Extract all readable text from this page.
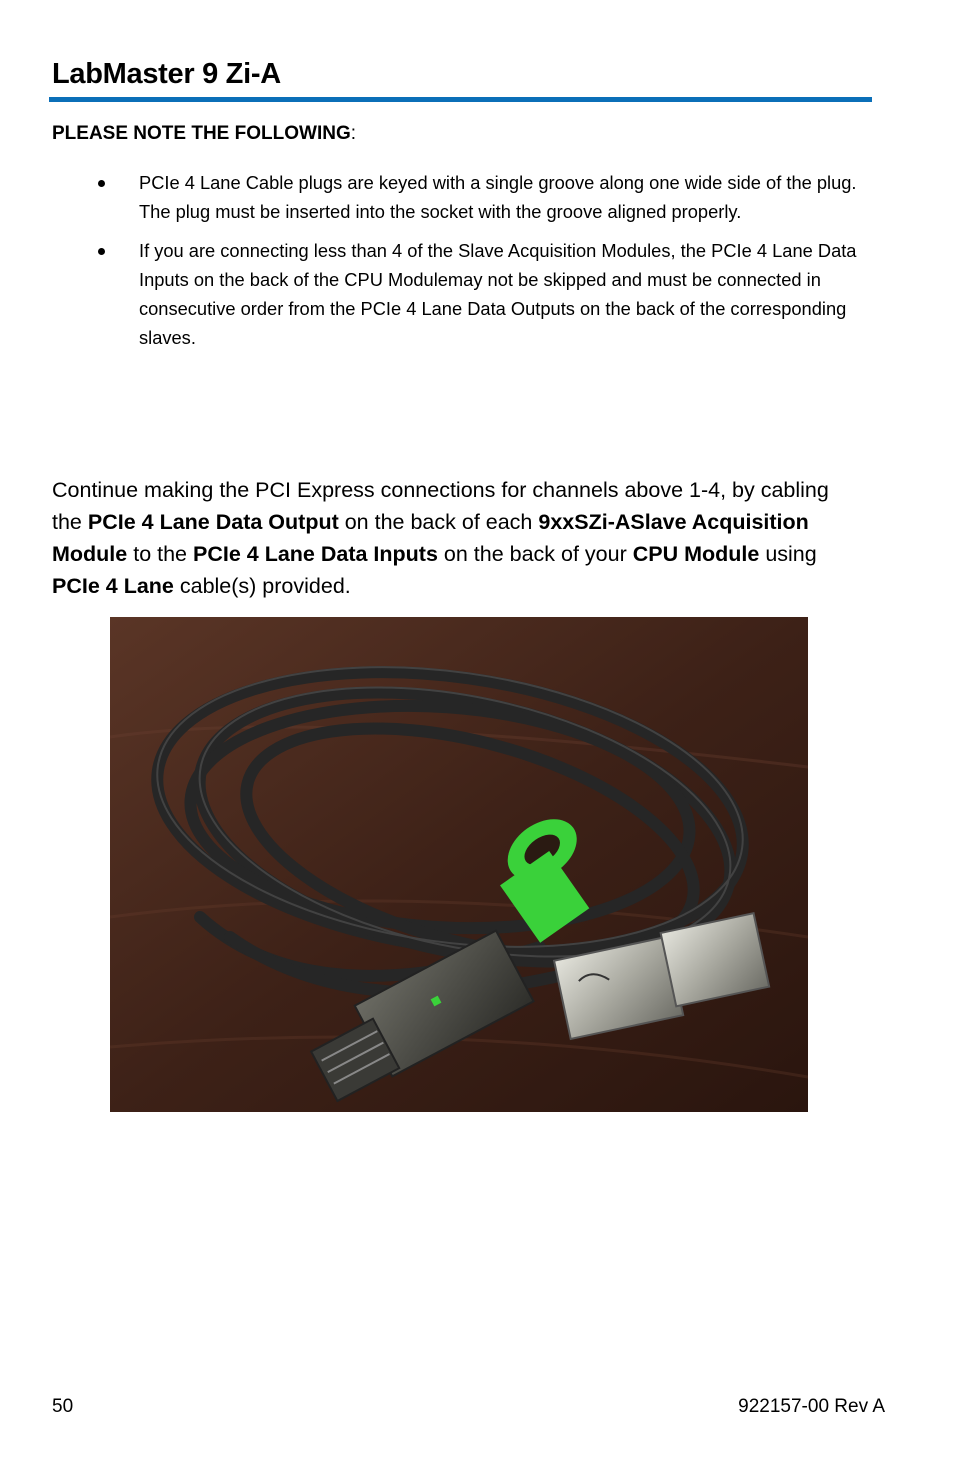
LabMaster 9 Zi-A

PLEASE NOTE THE FOLLOWING:

PCIe 4 Lane Cable plugs are keyed with a single groove along one wide side of the plug. The plug must be inserted into the socket with the groove aligned properly.
If you are connecting less than 4 of the Slave Acquisition Modules, the PCIe 4 Lane Data Inputs on the back of the CPU Modulemay not be skipped and must be connected in consecutive order from the PCIe 4 Lane Data Outputs on the back of the corresponding slaves.

Continue making the PCI Express connections for channels above 1-4, by cabling the PCIe 4 Lane Data Output on the back of each 9xxSZi-ASlave Acquisition Module to the PCIe 4 Lane Data Inputs on the back of your CPU Module using PCIe 4 Lane cable(s) provided.

50	922157-00 Rev A
